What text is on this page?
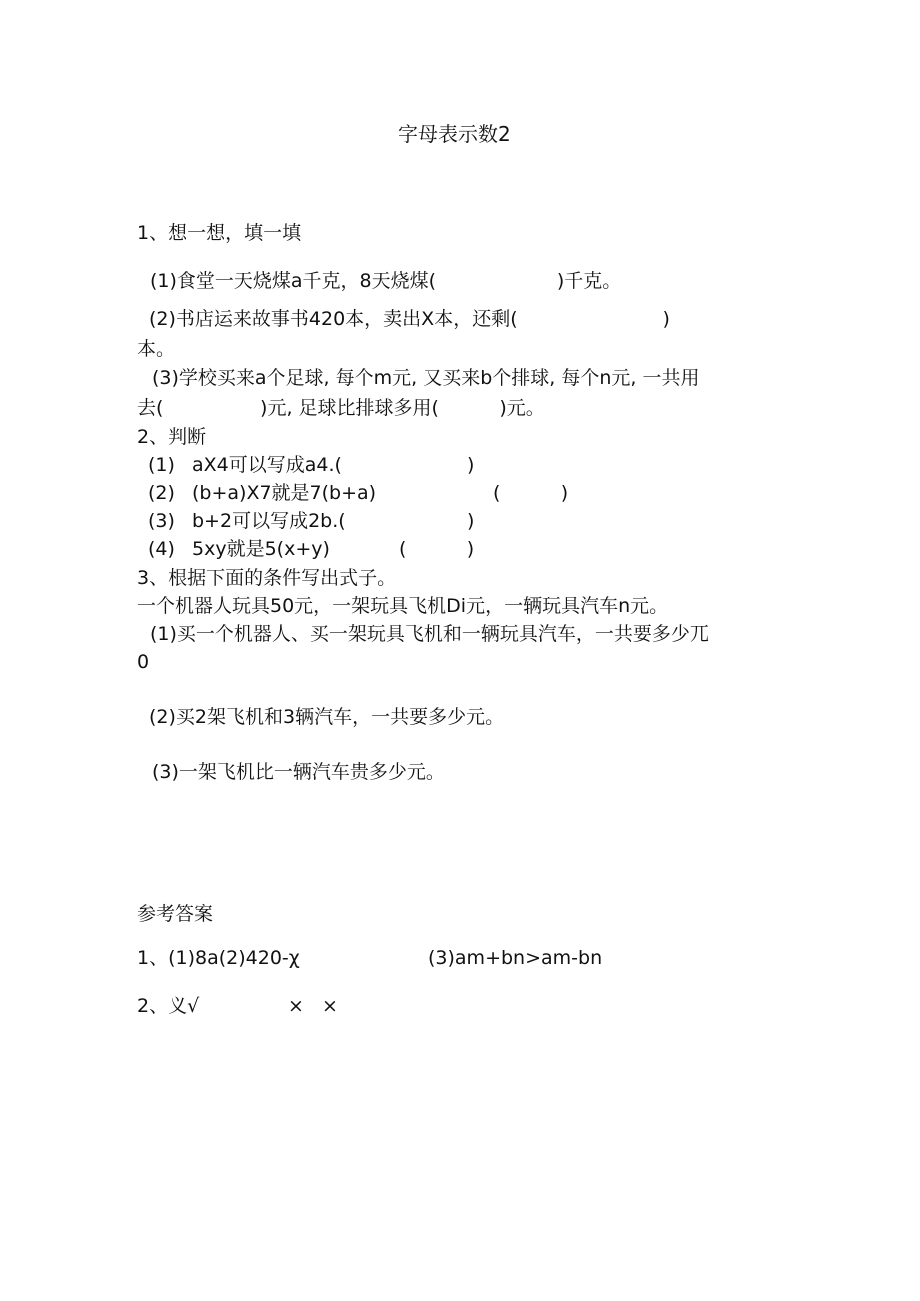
字母表示数2
1、想一想，填一填
(1)食堂一天烧煤a千克，8天烧煤(                    )千克。
(2)书店运来故事书420本，卖出X本，还剩(                        )
本。
(3)学校买来a个足球, 每个m元, 又买来b个排球, 每个n元, 一共用
去(                )元, 足球比排球多用(          )元。
2、判断
(1) aX4可以写成a4.(	)
(2) (b+a)X7就是7(b+a)	(          )
(3) b+2可以写成2b.(	)
(4) 5xy就是5(x+y)	(          )
3、根据下面的条件写出式子。
一个机器人玩具50元，一架玩具飞机Di元，一辆玩具汽车n元。
(1)买一个机器人、买一架玩具飞机和一辆玩具汽车，一共要多少兀
0
(2)买2架飞机和3辆汽车，一共要多少元。
(3)一架飞机比一辆汽车贵多少元。
参考答案
1、(1)8a(2)420-χ	(3)am+bn>am-bn
2、义√	×   ×
